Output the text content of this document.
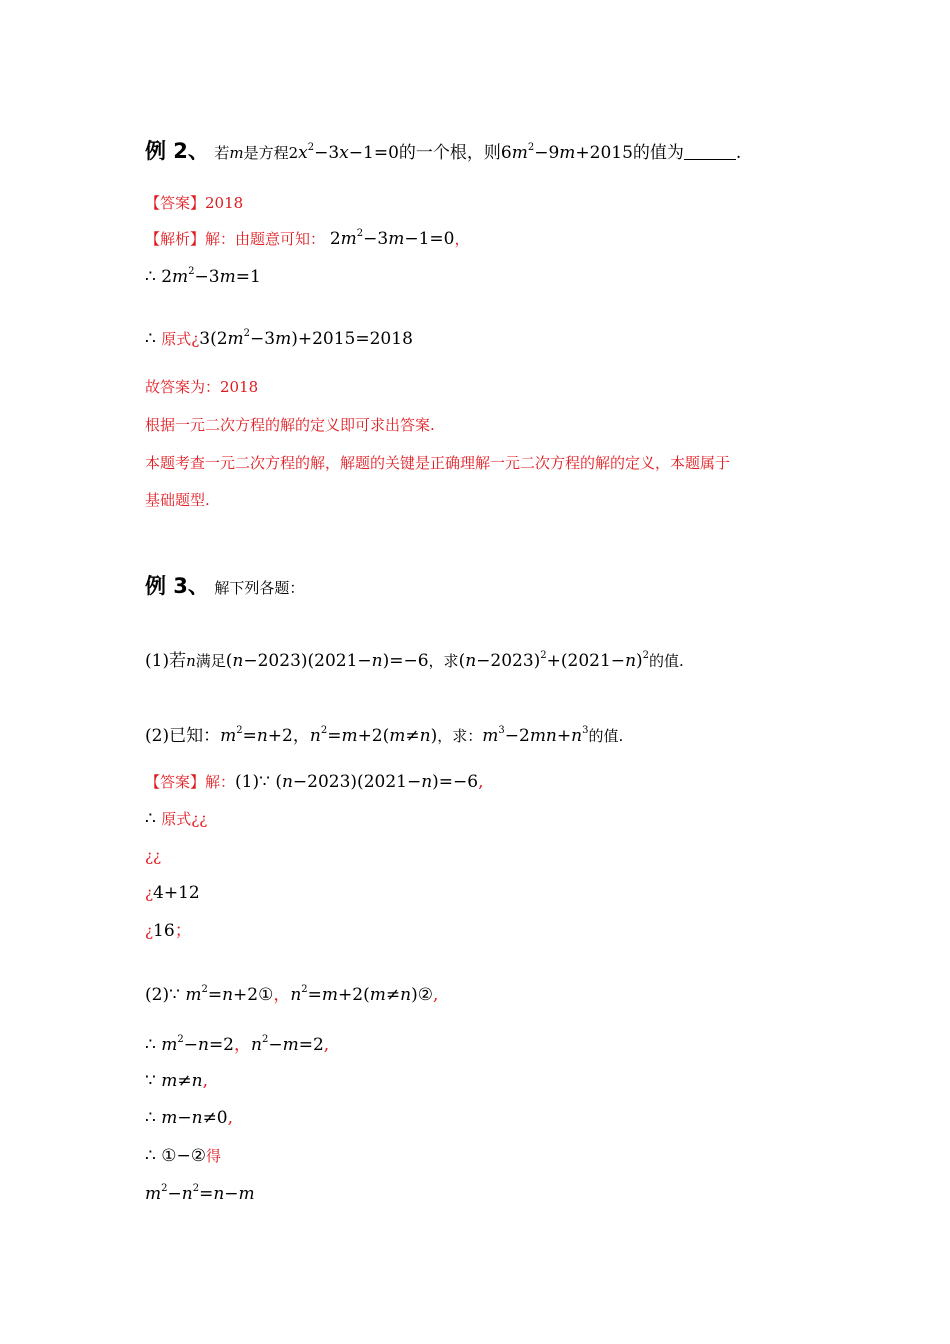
例 2、 若m是方程$2x^2-3x-1=0$的一个根，则$6m^2-9m+2015$的值为	.
【答案】2018
【解析】解：由题意可知： $2m^2-3m-1=0$，
∴ $2m^2-3m=1$
∴ 原式¿$3(2m^2-3m)+2015=2018$
故答案为：2018
根据一元二次方程的解的定义即可求出答案.
本题考查一元二次方程的解，解题的关键是正确理解一元二次方程的解的定义，本题属于
基础题型.
例 3、 解下列各题：
(1)若n满足(n−2023)(2021−n)=−6，求$(n-2023)^2+(2021-n)^2$的值.
(2)已知：$m^2=n+2$，$n^2=m+2(m\ne n)$，求：$m^3-2mn+n^3$的值.
【答案】解：(1)∵ (n−2023)(2021−n)=−6,
∴ 原式¿¿
¿¿
¿4+12
¿16；
(2)∵ $m^2=n+2①$，$n^2=m+2(m\ne n)②$,
∴ $m^2-n=2$，$n^2-m=2$,
∵ m≠n,
∴ m−n≠0,
∴ ①−②得
$m^2-n^2=n-m$
